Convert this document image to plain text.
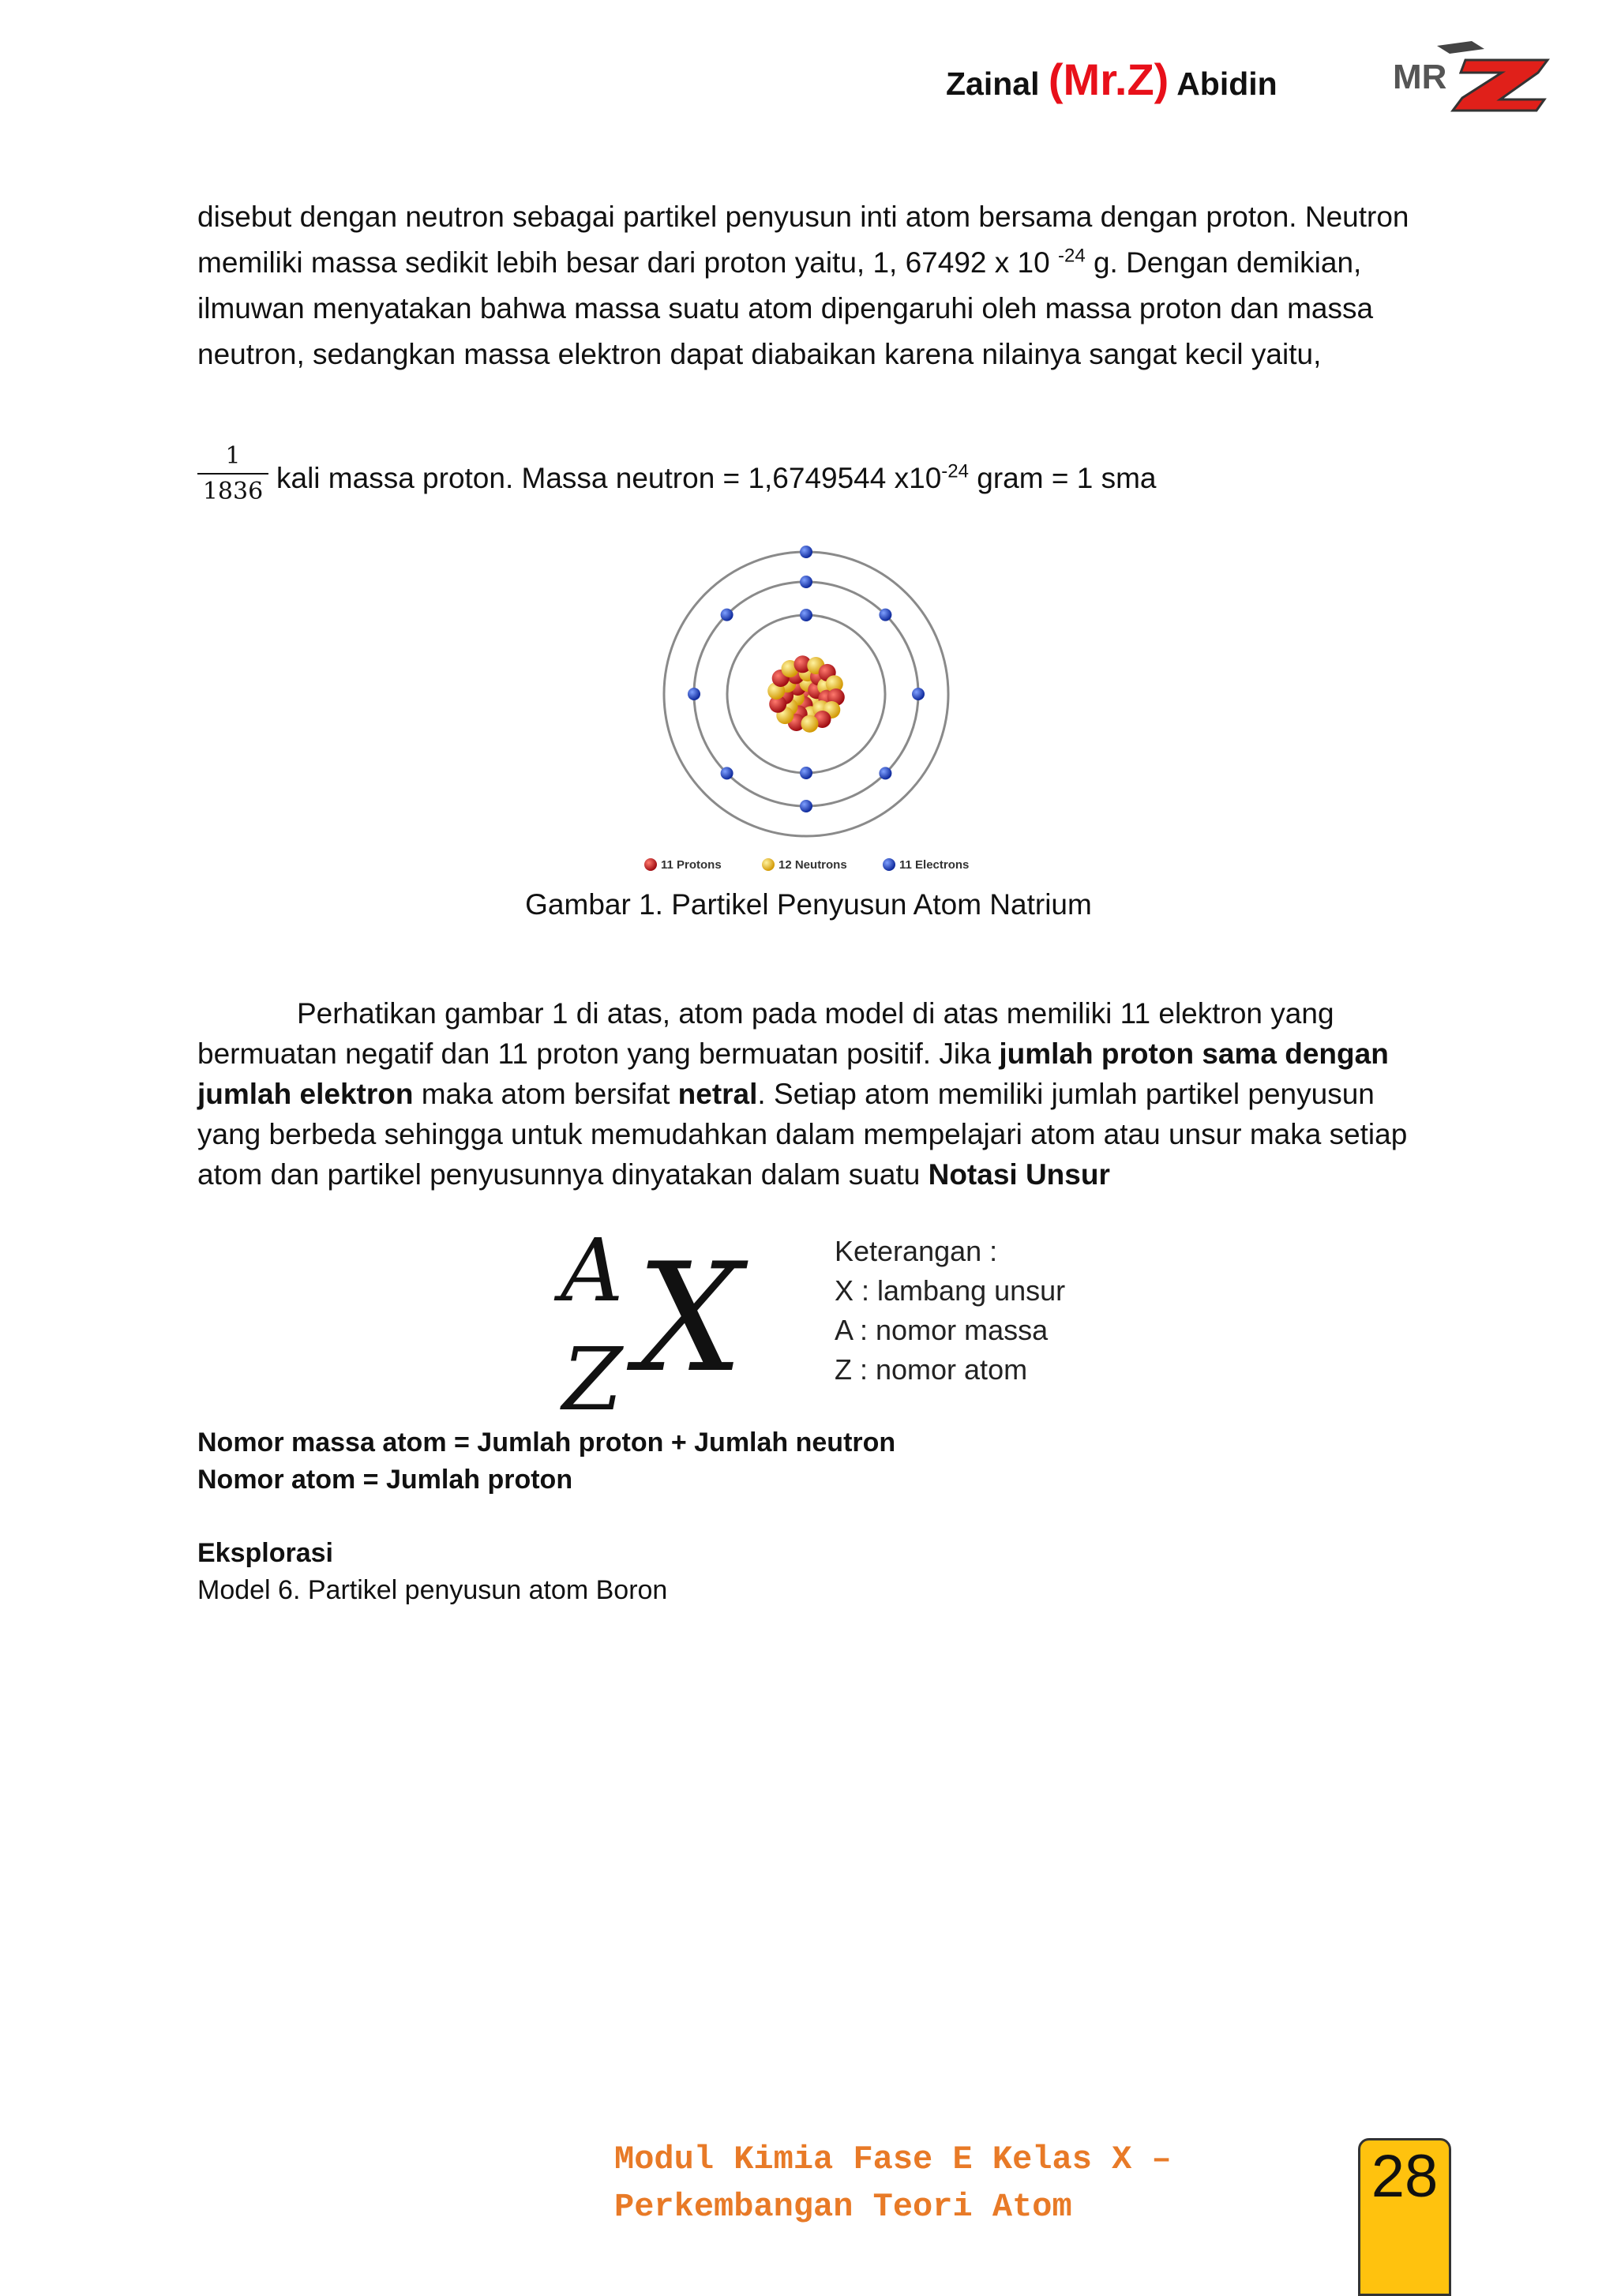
Zainal (Mr.Z) Abidin	MR
disebut dengan neutron sebagai partikel penyusun inti atom bersama dengan proton. Neutron memiliki massa sedikit lebih besar dari proton yaitu, 1, 67492 x 10 $^{-24}$ g. Dengan demikian, ilmuwan menyatakan bahwa massa suatu atom dipengaruhi oleh massa proton dan massa neutron, sedangkan massa elektron dapat diabaikan karena nilainya sangat kecil yaitu,
$\frac{1}{1836}$ kali massa proton. Massa neutron = 1,6749544 $x10^{-24}$ gram = 1 sma
11 Protons	12 Neutrons	11 Electrons
Gambar 1. Partikel Penyusun Atom Natrium
Perhatikan gambar 1 di atas, atom pada model di atas memiliki 11 elektron yang bermuatan negatif dan 11 proton yang bermuatan positif. Jika jumlah proton sama dengan jumlah elektron maka atom bersifat netral. Setiap atom memiliki jumlah partikel penyusun yang berbeda sehingga untuk memudahkan dalam mempelajari atom atau unsur maka setiap atom dan partikel penyusunnya dinyatakan dalam suatu Notasi Unsur
A
Z X	Keterangan :
X : lambang unsur
A : nomor massa
Z : nomor atom
Nomor massa atom = Jumlah proton + Jumlah neutron
Nomor atom = Jumlah proton
Eksplorasi
Model 6. Partikel penyusun atom Boron
Modul Kimia Fase E Kelas X –
Perkembangan Teori Atom	28
